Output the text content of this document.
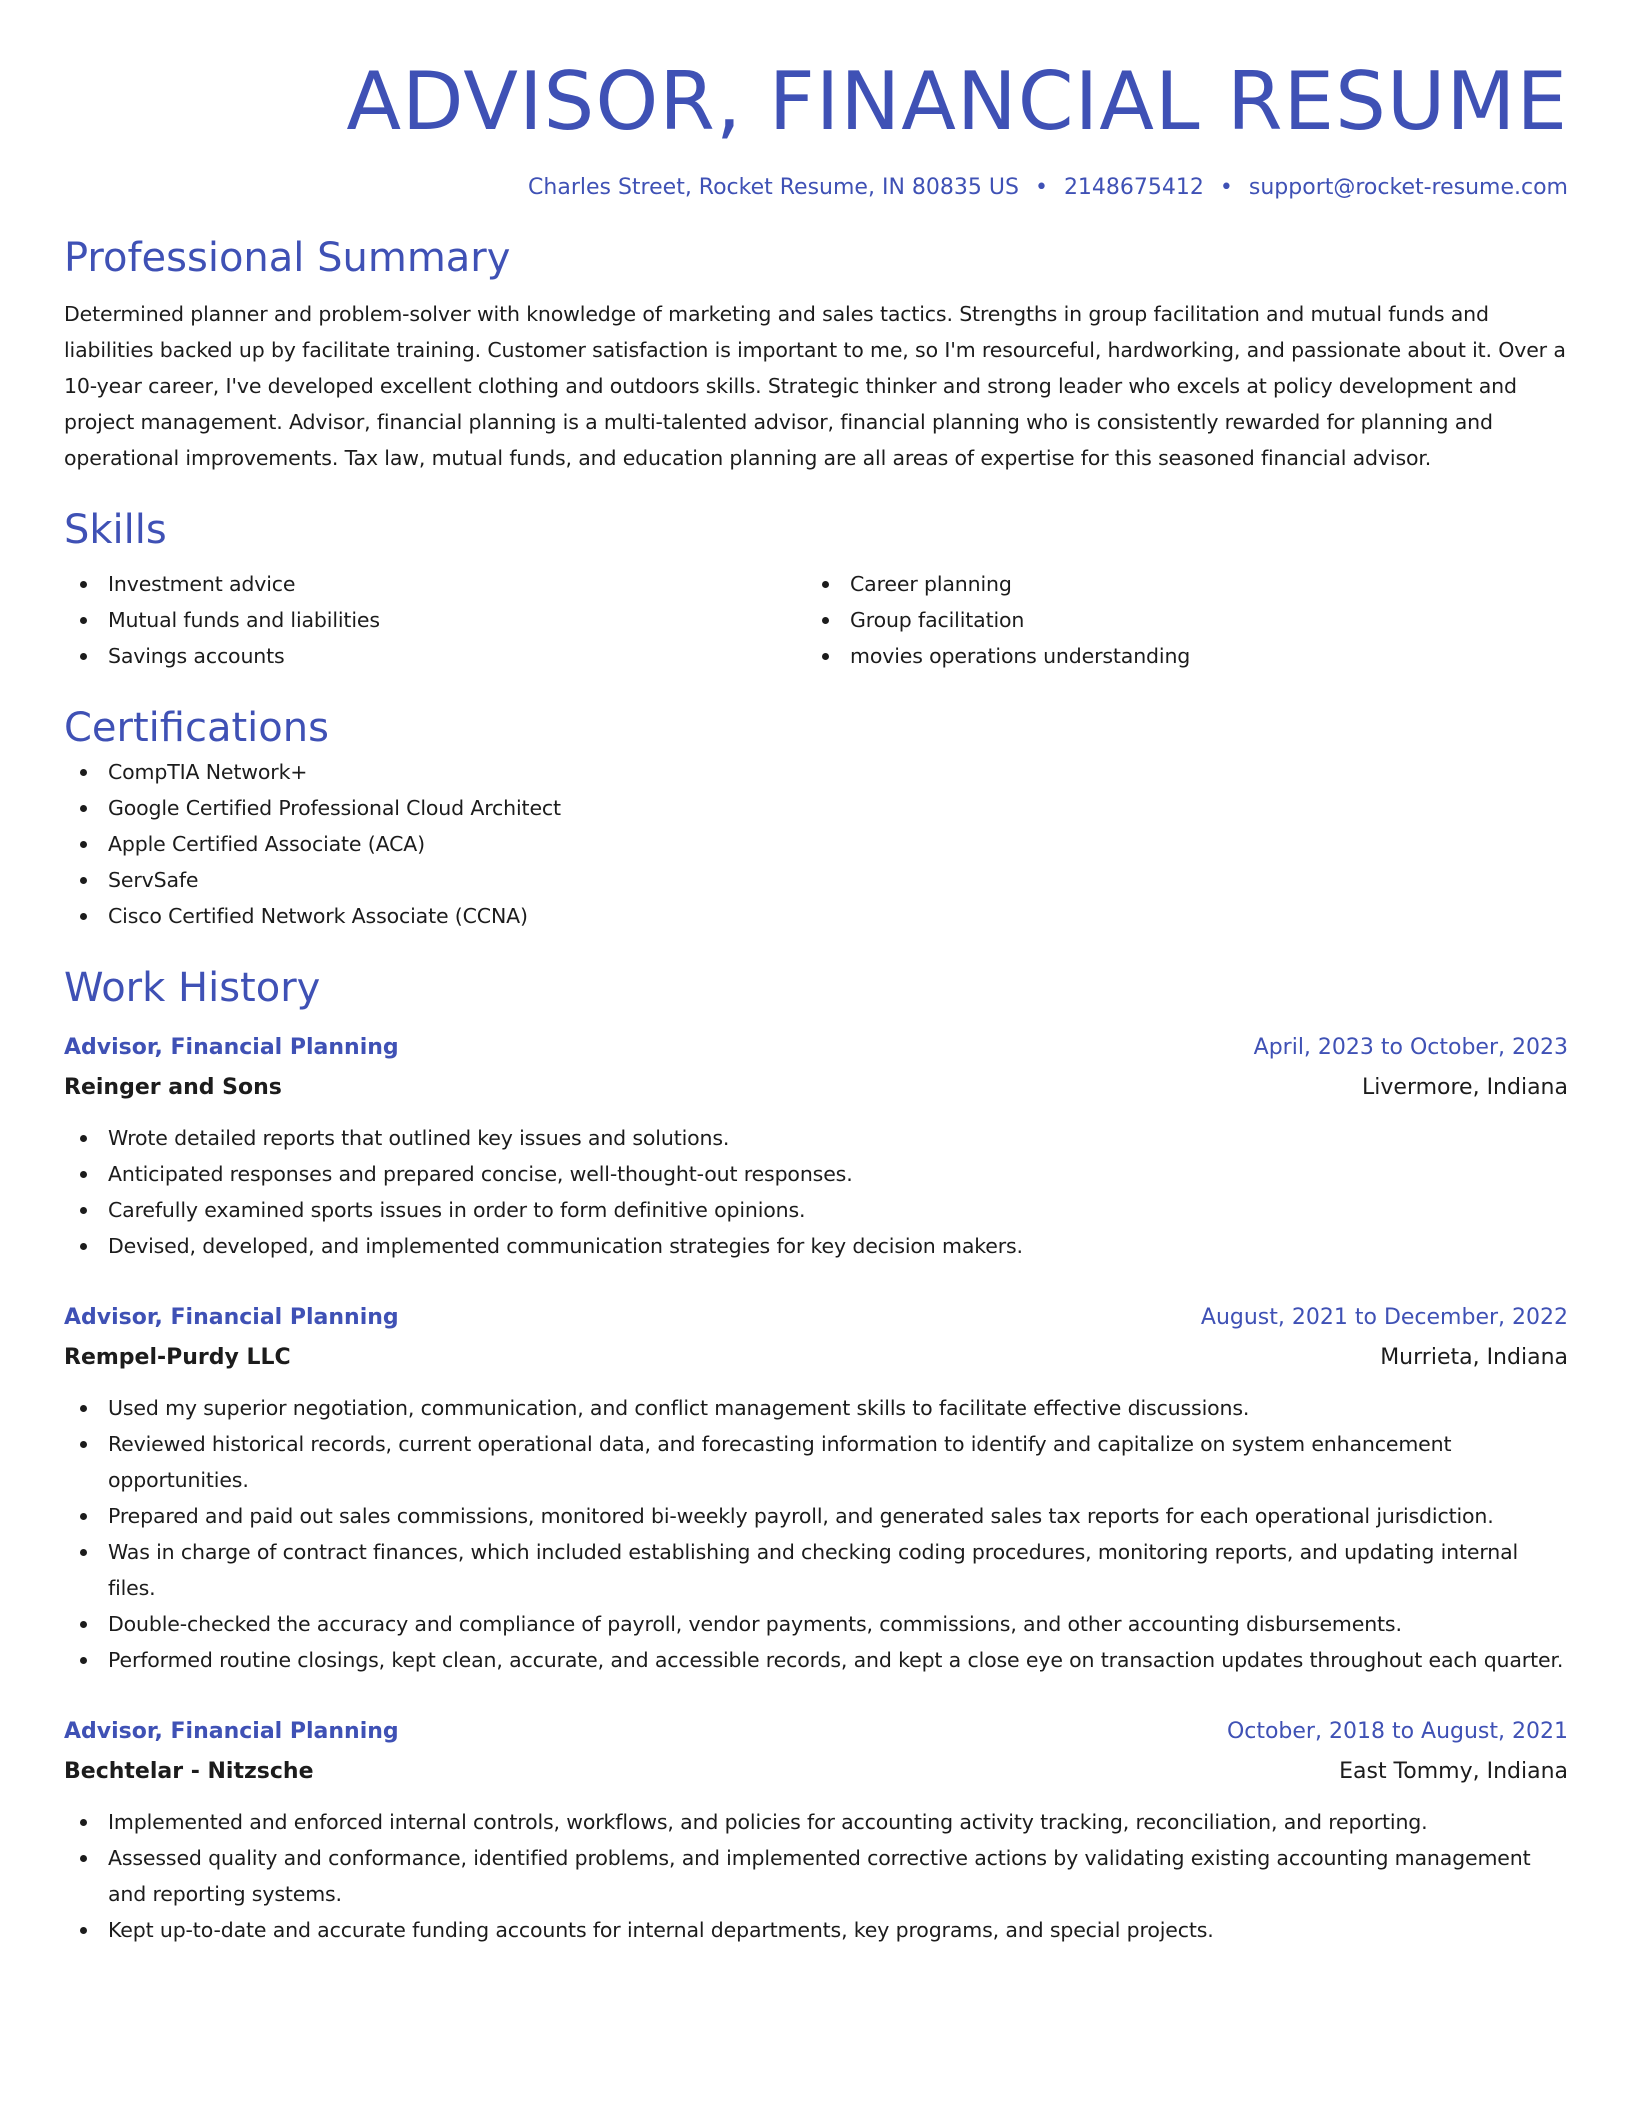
ADVISOR, FINANCIAL RESUME
Charles Street, Rocket Resume, IN 80835 US • 2148675412 • support@rocket-resume.com
Professional Summary
Determined planner and problem-solver with knowledge of marketing and sales tactics. Strengths in group facilitation and mutual funds and liabilities backed up by facilitate training. Customer satisfaction is important to me, so I'm resourceful, hardworking, and passionate about it. Over a 10-year career, I've developed excellent clothing and outdoors skills. Strategic thinker and strong leader who excels at policy development and project management. Advisor, financial planning is a multi-talented advisor, financial planning who is consistently rewarded for planning and operational improvements. Tax law, mutual funds, and education planning are all areas of expertise for this seasoned financial advisor.
Skills
Investment advice
Mutual funds and liabilities
Savings accounts
Career planning
Group facilitation
movies operations understanding
Certifications
CompTIA Network+
Google Certified Professional Cloud Architect
Apple Certified Associate (ACA)
ServSafe
Cisco Certified Network Associate (CCNA)
Work History
Advisor, Financial Planning	April, 2023 to October, 2023
Reinger and Sons	Livermore, Indiana
Wrote detailed reports that outlined key issues and solutions.
Anticipated responses and prepared concise, well-thought-out responses.
Carefully examined sports issues in order to form definitive opinions.
Devised, developed, and implemented communication strategies for key decision makers.
Advisor, Financial Planning	August, 2021 to December, 2022
Rempel-Purdy LLC	Murrieta, Indiana
Used my superior negotiation, communication, and conflict management skills to facilitate effective discussions.
Reviewed historical records, current operational data, and forecasting information to identify and capitalize on system enhancement opportunities.
Prepared and paid out sales commissions, monitored bi-weekly payroll, and generated sales tax reports for each operational jurisdiction.
Was in charge of contract finances, which included establishing and checking coding procedures, monitoring reports, and updating internal files.
Double-checked the accuracy and compliance of payroll, vendor payments, commissions, and other accounting disbursements.
Performed routine closings, kept clean, accurate, and accessible records, and kept a close eye on transaction updates throughout each quarter.
Advisor, Financial Planning	October, 2018 to August, 2021
Bechtelar - Nitzsche	East Tommy, Indiana
Implemented and enforced internal controls, workflows, and policies for accounting activity tracking, reconciliation, and reporting.
Assessed quality and conformance, identified problems, and implemented corrective actions by validating existing accounting management and reporting systems.
Kept up-to-date and accurate funding accounts for internal departments, key programs, and special projects.
